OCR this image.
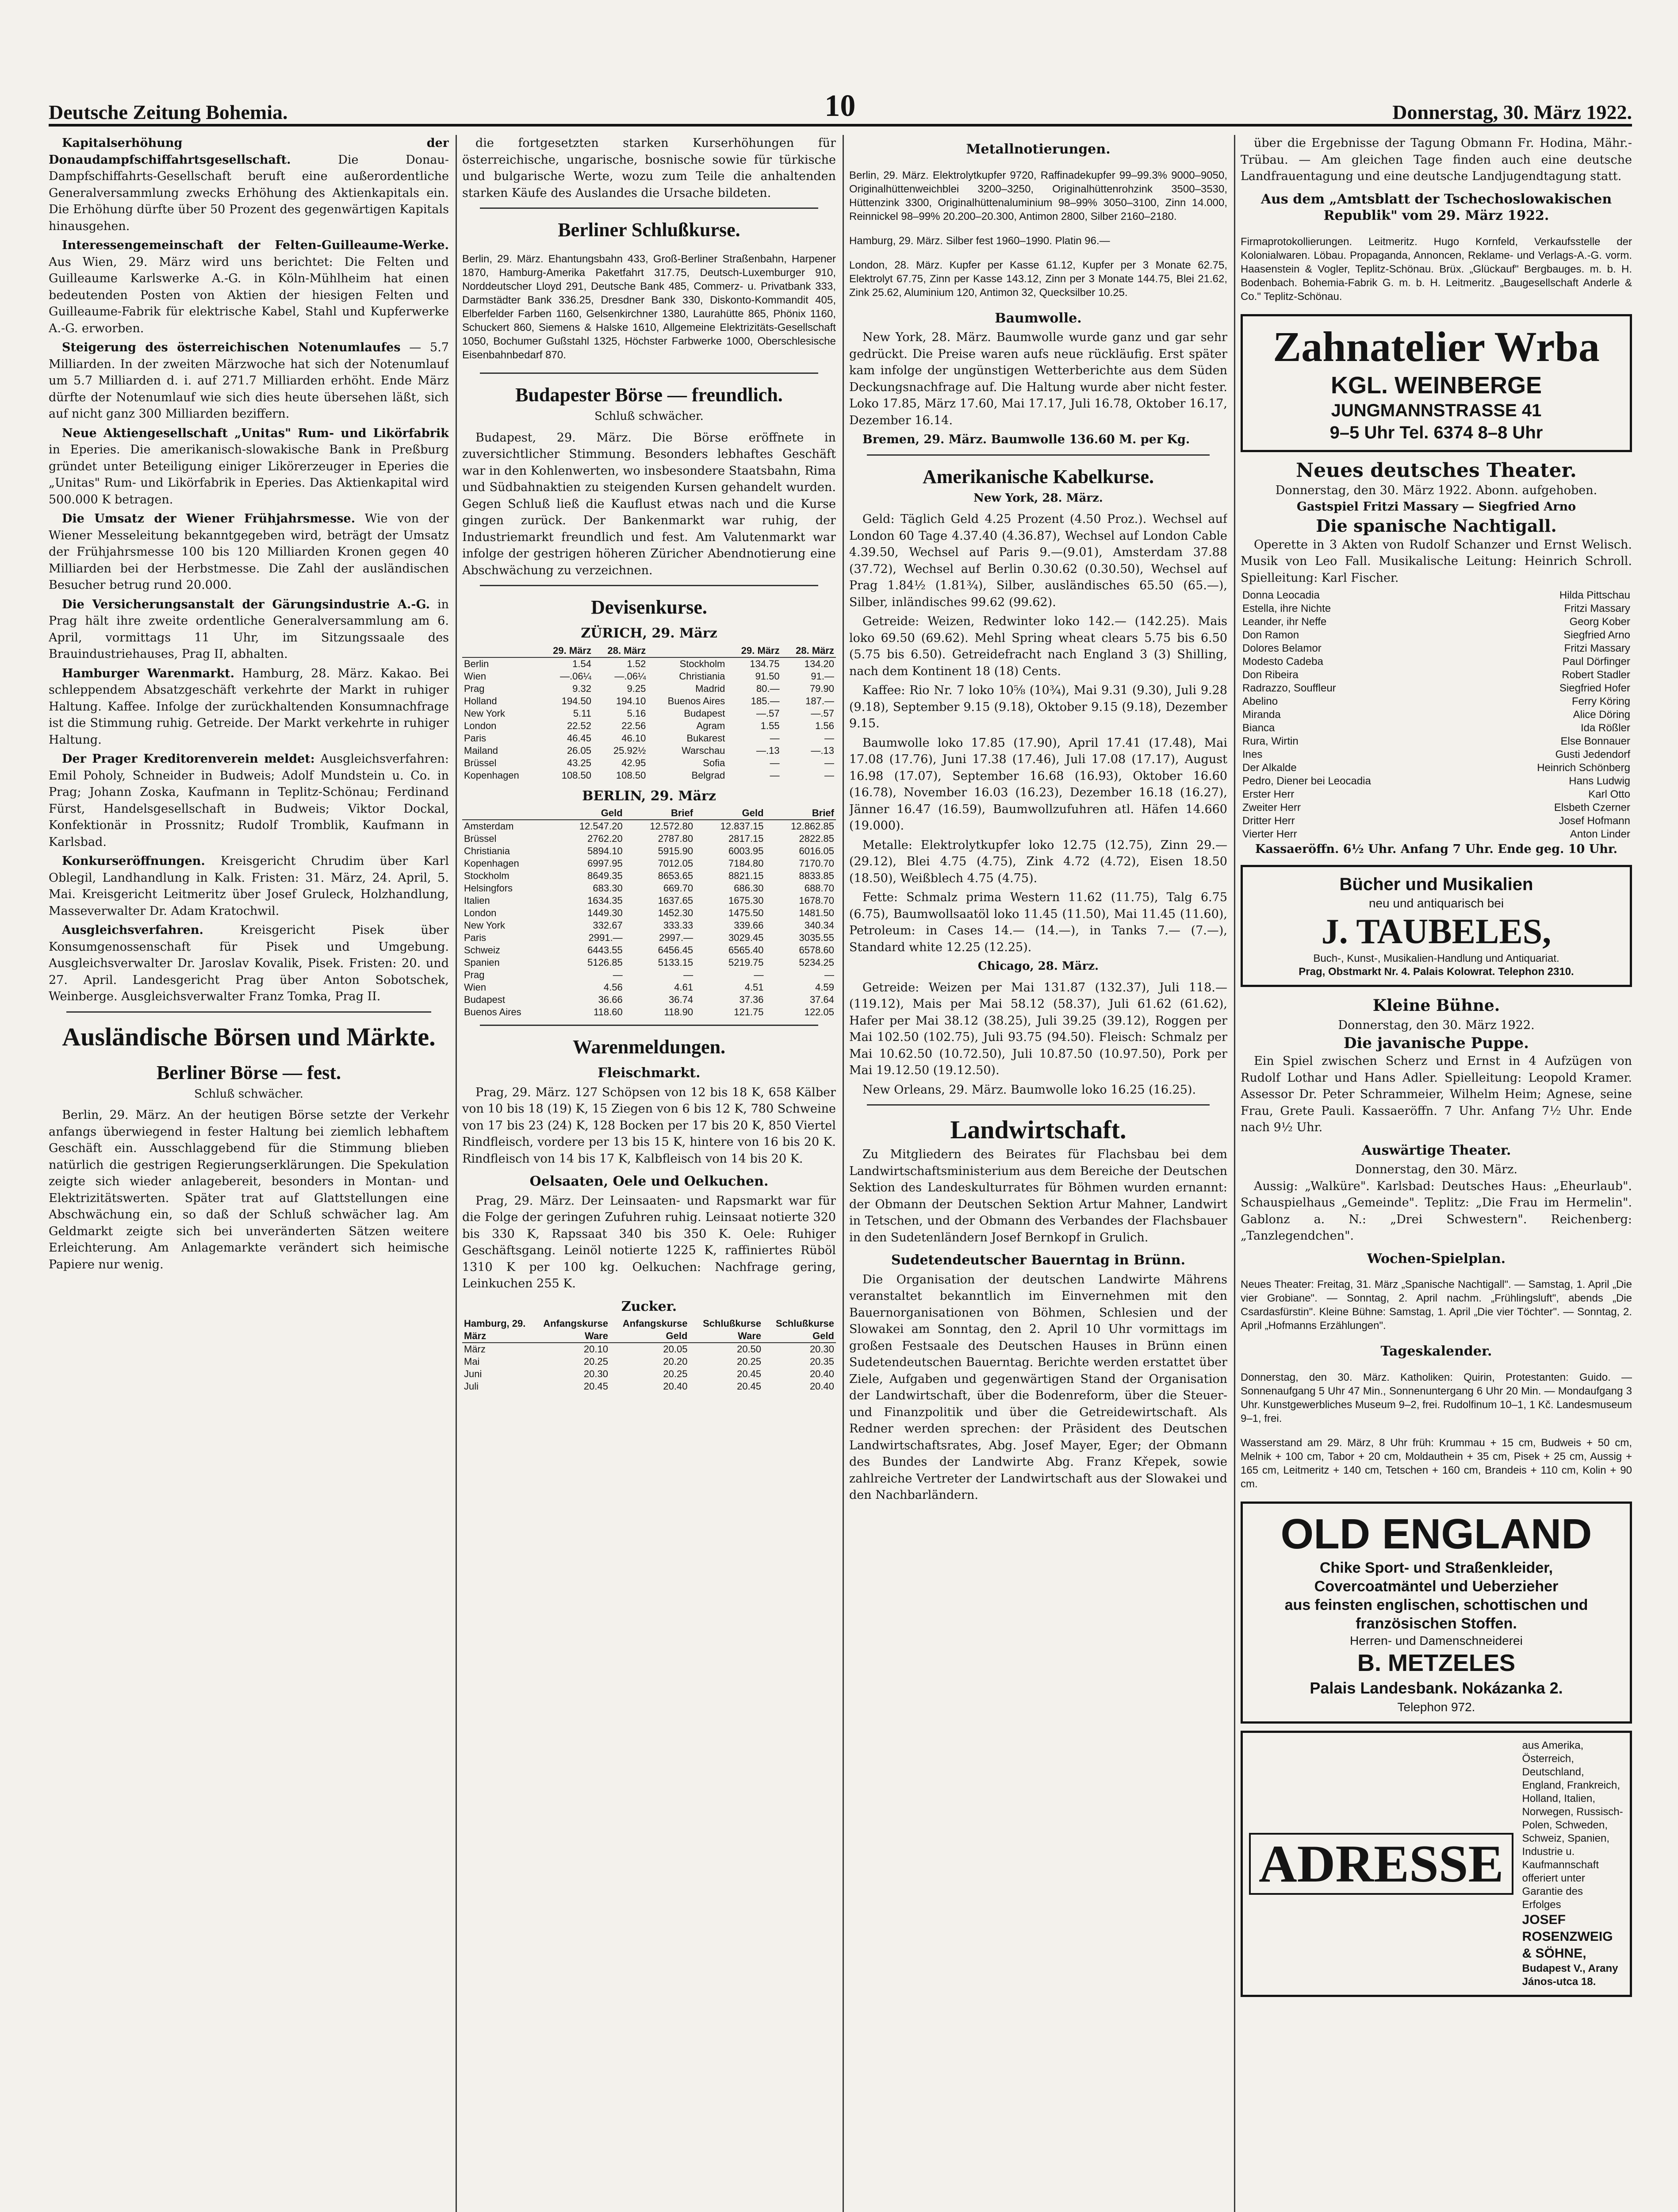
Deutsche Zeitung Bohemia.	10	Donnerstag, 30. März 1922.

Kapitalserhöhung der Donaudampfschiffahrtsgesellschaft.	Die Donau-Dampfschiffahrts-Gesellschaft beruft eine außerordentliche Generalversammlung zwecks Erhöhung des Aktienkapitals ein. Die Erhöhung dürfte über 50 Prozent des gegenwärtigen Kapitals hinausgehen.

Interessengemeinschaft der Felten-Guilleaume-Werke. Aus Wien, 29. März wird uns berichtet: Die Felten und Guilleaume Karlswerke A.-G. in Köln-Mühlheim hat einen bedeutenden Posten von Aktien der hiesigen Felten und Guilleaume-Fabrik für elektrische Kabel, Stahl und Kupferwerke A.-G. erworben.

Steigerung des österreichischen Notenumlaufes — 5.7 Milliarden. In der zweiten Märzwoche hat sich der Notenumlauf um 5.7 Milliarden d. i. auf 271.7 Milliarden erhöht. Ende März dürfte der Notenumlauf wie sich dies heute übersehen läßt, sich auf nicht ganz 300 Milliarden beziffern.

Neue Aktiengesellschaft „Unitas" Rum- und Likörfabrik in Eperies. Die amerikanisch-slowakische Bank in Preßburg gründet unter Beteiligung einiger Likörerzeuger in Eperies die „Unitas" Rum- und Likörfabrik in Eperies. Das Aktienkapital wird 500.000 K betragen.

Die Umsatz der Wiener Frühjahrsmesse. Wie von der Wiener Messeleitung bekanntgegeben wird, beträgt der Umsatz der Frühjahrsmesse 100 bis 120 Milliarden Kronen gegen 40 Milliarden bei der Herbstmesse. Die Zahl der ausländischen Besucher betrug rund 20.000.

Die Versicherungsanstalt der Gärungsindustrie A.-G. in Prag hält ihre zweite ordentliche Generalversammlung am 6. April, vormittags 11 Uhr, im Sitzungssaale des Brauindustriehauses, Prag II, abhalten.

Hamburger Warenmarkt. Hamburg, 28. März. Kakao. Bei schleppendem Absatzgeschäft verkehrte der Markt in ruhiger Haltung. Kaffee. Infolge der zurückhaltenden Konsumnachfrage ist die Stimmung ruhig. Getreide. Der Markt verkehrte in ruhiger Haltung.

Der Prager Kreditorenverein meldet: Ausgleichsverfahren: Emil Poholy, Schneider in Budweis; Adolf Mundstein u. Co. in Prag; Johann Zoska, Kaufmann in Teplitz-Schönau; Ferdinand Fürst, Handelsgesellschaft in Budweis; Viktor Dockal, Konfektionär in Prossnitz; Rudolf Tromblik, Kaufmann in Karlsbad.

Konkurseröffnungen. Kreisgericht Chrudim über Karl Oblegil, Landhandlung in Kalk. Fristen: 31. März, 24. April, 5. Mai. Kreisgericht Leitmeritz über Josef Gruleck, Holzhandlung, Masseverwalter Dr. Adam Kratochwil.

Ausgleichsverfahren.	Kreisgericht Pisek über Konsumgenossenschaft für Pisek und Umgebung. Ausgleichsverwalter Dr. Jaroslav Kovalik, Pisek. Fristen: 20. und 27. April. Landesgericht Prag über Anton Sobotschek, Weinberge. Ausgleichsverwalter Franz Tomka, Prag II.

Ausländische Börsen und Märkte.
Berliner Börse — fest.
Schluß schwächer.

Berlin, 29. März. An der heutigen Börse setzte der Verkehr anfangs überwiegend in fester Haltung bei ziemlich lebhaftem Geschäft ein. Ausschlaggebend für die Stimmung blieben natürlich die gestrigen Regierungserklärungen. Die Spekulation zeigte sich wieder anlagebereit, besonders in Montan- und Elektrizitätswerten. Später trat auf Glattstellungen eine Abschwächung ein, so daß der Schluß schwächer lag. Am Geldmarkt zeigte sich bei unveränderten Sätzen weitere Erleichterung. Am Anlagemarkte verändert sich heimische Papiere nur wenig.

die fortgesetzten starken Kurserhöhungen für österreichische, ungarische, bosnische sowie für türkische und bulgarische Werte, wozu zum Teile die anhaltenden starken Käufe des Auslandes die Ursache bildeten.

Berliner Schlußkurse.

Berlin, 29. März. Ehantungsbahn 433, Groß-Berliner Straßenbahn, Harpener 1870, Hamburg-Amerika Paketfahrt 317.75, Deutsch-Luxemburger 910, Norddeutscher Lloyd 291, Deutsche Bank 485, Commerz- u. Privatbank 333, Darmstädter Bank 336.25, Dresdner Bank 330, Diskonto-Kommandit 405, Elberfelder Farben 1160, Gelsenkirchner 1380, Laurahütte 865, Phönix 1160, Schuckert 860, Siemens & Halske 1610, Allgemeine Elektrizitäts-Gesellschaft 1050, Bochumer Gußstahl 1325, Höchster Farbwerke 1000, Oberschlesische Eisenbahnbedarf 870.

Budapester Börse — freundlich.
Schluß schwächer.

Budapest, 29. März. Die Börse eröffnete in zuversichtlicher Stimmung. Besonders lebhaftes Geschäft war in den Kohlenwerten, wo insbesondere Staatsbahn, Rima und Südbahnaktien zu steigenden Kursen gehandelt wurden. Gegen Schluß ließ die Kauflust etwas nach und die Kurse gingen zurück. Der Bankenmarkt war ruhig, der Industriemarkt freundlich und fest. Am Valutenmarkt war infolge der gestrigen höheren Züricher Abendnotierung eine Abschwächung zu verzeichnen.

Devisenkurse.
ZÜRICH, 29. März
	29. März	28. März		29. März	28. März
Berlin	1.54	1.52	Stockholm	134.75	134.20
Wien	—.06¼	—.06¼	Christiania	91.50	91.—
Prag	9.32	9.25	Madrid	80.—	79.90
Holland	194.50	194.10	Buenos Aires	185.—	187.—
New York	5.11	5.16	Budapest	—.57	—.57
London	22.52	22.56	Agram	1.55	1.56
Paris	46.45	46.10	Bukarest	—	—
Mailand	26.05	25.92½	Warschau	—.13	—.13
Brüssel	43.25	42.95	Sofia	—	—
Kopenhagen	108.50	108.50	Belgrad	—	—
BERLIN, 29. März
	Geld	Brief	Geld	Brief
Amsterdam	12.547.20	12.572.80	12.837.15	12.862.85
Brüssel	2762.20	2787.80	2817.15	2822.85
Christiania	5894.10	5915.90	6003.95	6016.05
Kopenhagen	6997.95	7012.05	7184.80	7170.70
Stockholm	8649.35	8653.65	8821.15	8833.85
Helsingfors	683.30	669.70	686.30	688.70
Italien	1634.35	1637.65	1675.30	1678.70
London	1449.30	1452.30	1475.50	1481.50
New York	332.67	333.33	339.66	340.34
Paris	2991.—	2997.—	3029.45	3035.55
Schweiz	6443.55	6456.45	6565.40	6578.60
Spanien	5126.85	5133.15	5219.75	5234.25
Prag	—	—	—	—
Wien	4.56	4.61	4.51	4.59
Budapest	36.66	36.74	37.36	37.64
Buenos Aires	118.60	118.90	121.75	122.05
Warenmeldungen.
Fleischmarkt.

Prag, 29. März. 127 Schöpsen von 12 bis 18 K, 658 Kälber von 10 bis 18 (19) K, 15 Ziegen von 6 bis 12 K, 780 Schweine von 17 bis 23 (24) K, 128 Bocken per 17 bis 20 K, 850 Viertel Rindfleisch, vordere per 13 bis 15 K, hintere von 16 bis 20 K. Rindfleisch von 14 bis 17 K, Kalbfleisch von 14 bis 20 K.

Oelsaaten, Oele und Oelkuchen.

Prag, 29. März. Der Leinsaaten- und Rapsmarkt war für die Folge der geringen Zufuhren ruhig. Leinsaat notierte 320 bis 330 K, Rapssaat 340 bis 350 K. Oele: Ruhiger Geschäftsgang. Leinöl notierte 1225 K, raffiniertes Rüböl 1310 K per 100 kg. Oelkuchen: Nachfrage gering, Leinkuchen 255 K.

Zucker.
Hamburg, 29. März	Anfangskurse Ware	Anfangskurse Geld	Schlußkurse Ware	Schlußkurse Geld
März	20.10	20.05	20.50	20.30
Mai	20.25	20.20	20.25	20.35
Juni	20.30	20.25	20.45	20.40
Juli	20.45	20.40	20.45	20.40
Metallnotierungen.

Berlin, 29. März. Elektrolytkupfer 9720, Raffinadekupfer 99–99.3% 9000–9050, Originalhüttenweichblei 3200–3250, Originalhüttenrohzink 3500–3530, Hüttenzink 3300, Originalhüttenaluminium 98–99% 3050–3100, Zinn 14.000, Reinnickel 98–99% 20.200–20.300, Antimon 2800, Silber 2160–2180.

Hamburg, 29. März. Silber fest 1960–1990. Platin 96.—

London, 28. März. Kupfer per Kasse 61.12, Kupfer per 3 Monate 62.75, Elektrolyt 67.75, Zinn per Kasse 143.12, Zinn per 3 Monate 144.75, Blei 21.62, Zink 25.62, Aluminium 120, Antimon 32, Quecksilber 10.25.

Baumwolle.

New York, 28. März. Baumwolle wurde ganz und gar sehr gedrückt. Die Preise waren aufs neue rückläufig. Erst später kam infolge der ungünstigen Wetterberichte aus dem Süden Deckungsnachfrage auf. Die Haltung wurde aber nicht fester. Loko 17.85, März 17.60, Mai 17.17, Juli 16.78, Oktober 16.17, Dezember 16.14.

Bremen, 29. März. Baumwolle 136.60 M. per Kg.

Amerikanische Kabelkurse.
New York, 28. März.

Geld: Täglich Geld 4.25 Prozent (4.50 Proz.). Wechsel auf London 60 Tage 4.37.40 (4.36.87), Wechsel auf London Cable 4.39.50, Wechsel auf Paris 9.—(9.01), Amsterdam 37.88 (37.72), Wechsel auf Berlin 0.30.62 (0.30.50), Wechsel auf Prag 1.84½ (1.81¾), Silber, ausländisches 65.50 (65.—), Silber, inländisches 99.62 (99.62).

Getreide: Weizen, Redwinter loko 142.— (142.25). Mais loko 69.50 (69.62). Mehl Spring wheat clears 5.75 bis 6.50 (5.75 bis 6.50). Getreidefracht nach England 3 (3) Shilling, nach dem Kontinent 18 (18) Cents.

Kaffee: Rio Nr. 7 loko 10⅝ (10¾), Mai 9.31 (9.30), Juli 9.28 (9.18), September 9.15 (9.18), Oktober 9.15 (9.18), Dezember 9.15.

Baumwolle loko 17.85 (17.90), April 17.41 (17.48), Mai 17.08 (17.76), Juni 17.38 (17.46), Juli 17.08 (17.17), August 16.98 (17.07), September 16.68 (16.93), Oktober 16.60 (16.78), November 16.03 (16.23), Dezember 16.18 (16.27), Jänner 16.47 (16.59), Baumwollzufuhren atl. Häfen 14.660 (19.000).

Metalle: Elektrolytkupfer loko 12.75 (12.75), Zinn 29.— (29.12), Blei 4.75 (4.75), Zink 4.72 (4.72), Eisen 18.50 (18.50), Weißblech 4.75 (4.75).

Fette: Schmalz prima Western 11.62 (11.75), Talg 6.75 (6.75), Baumwollsaatöl loko 11.45 (11.50), Mai 11.45 (11.60), Petroleum: in Cases 14.— (14.—), in Tanks 7.— (7.—), Standard white 12.25 (12.25).

Chicago, 28. März.

Getreide: Weizen per Mai 131.87 (132.37), Juli 118.— (119.12), Mais per Mai 58.12 (58.37), Juli 61.62 (61.62), Hafer per Mai 38.12 (38.25), Juli 39.25 (39.12), Roggen per Mai 102.50 (102.75), Juli 93.75 (94.50). Fleisch: Schmalz per Mai 10.62.50 (10.72.50), Juli 10.87.50 (10.97.50), Pork per Mai 19.12.50 (19.12.50).

New Orleans, 29. März. Baumwolle loko 16.25 (16.25).

Landwirtschaft.

Zu Mitgliedern des Beirates für Flachsbau bei dem Landwirtschaftsministerium aus dem Bereiche der Deutschen Sektion des Landeskulturrates für Böhmen wurden ernannt: der Obmann der Deutschen Sektion Artur Mahner, Landwirt in Tetschen, und der Obmann des Verbandes der Flachsbauer in den Sudetenländern Josef Bernkopf in Grulich.

Sudetendeutscher Bauerntag in Brünn.

Die Organisation der deutschen Landwirte Mährens veranstaltet bekanntlich im Einvernehmen mit den Bauernorganisationen von Böhmen, Schlesien und der Slowakei am Sonntag, den 2. April 10 Uhr vormittags im großen Festsaale des Deutschen Hauses in Brünn einen Sudetendeutschen Bauerntag. Berichte werden erstattet über Ziele, Aufgaben und gegenwärtigen Stand der Organisation der Landwirtschaft, über die Bodenreform, über die Steuer- und Finanzpolitik und über die Getreidewirtschaft. Als Redner werden sprechen: der Präsident des Deutschen Landwirtschaftsrates, Abg. Josef Mayer, Eger; der Obmann des Bundes der Landwirte Abg. Franz Křepek, sowie zahlreiche Vertreter der Landwirtschaft aus der Slowakei und den Nachbarländern.

über die Ergebnisse der Tagung Obmann Fr. Hodina, Mähr.-Trübau. — Am gleichen Tage finden auch eine deutsche Landfrauentagung und eine deutsche Landjugendtagung statt.

Aus dem „Amtsblatt der Tschechoslowakischen Republik" vom 29. März 1922.

Firmaprotokollierungen. Leitmeritz. Hugo Kornfeld, Verkaufsstelle der Kolonialwaren. Löbau. Propaganda, Annoncen, Reklame- und Verlags-A.-G. vorm. Haasenstein & Vogler, Teplitz-Schönau. Brüx. „Glückauf" Bergbauges. m. b. H. Bodenbach. Bohemia-Fabrik G. m. b. H. Leitmeritz. „Baugesellschaft Anderle & Co." Teplitz-Schönau.

Zahnatelier Wrba
KGL. WEINBERGE
JUNGMANNSTRASSE 41
9–5 Uhr Tel. 6374 8–8 Uhr
Neues deutsches Theater.
Donnerstag, den 30. März 1922. Abonn. aufgehoben.
Gastspiel Fritzi Massary — Siegfried Arno
Die spanische Nachtigall.

Operette in 3 Akten von Rudolf Schanzer und Ernst Welisch. Musik von Leo Fall. Musikalische Leitung: Heinrich Schroll. Spielleitung: Karl Fischer.

Donna Leocadia	Hilda Pittschau
Estella, ihre Nichte	Fritzi Massary
Leander, ihr Neffe	Georg Kober
Don Ramon	Siegfried Arno
Dolores Belamor	Fritzi Massary
Modesto Cadeba	Paul Dörfinger
Don Ribeira	Robert Stadler
Radrazzo, Souffleur	Siegfried Hofer
Abelino	Ferry Köring
Miranda	Alice Döring
Bianca	Ida Rößler
Rura, Wirtin	Else Bonnauer
Ines	Gusti Jedendorf
Der Alkalde	Heinrich Schönberg
Pedro, Diener bei Leocadia	Hans Ludwig
Erster Herr	Karl Otto
Zweiter Herr	Elsbeth Czerner
Dritter Herr	Josef Hofmann
Vierter Herr	Anton Linder
Kassaeröffn. 6½ Uhr. Anfang 7 Uhr. Ende geg. 10 Uhr.
Bücher und Musikalien
neu und antiquarisch bei
J. TAUBELES,
Buch-, Kunst-, Musikalien-Handlung und Antiquariat.
Prag, Obstmarkt Nr. 4. Palais Kolowrat. Telephon 2310.
Kleine Bühne.
Donnerstag, den 30. März 1922.
Die javanische Puppe.

Ein Spiel zwischen Scherz und Ernst in 4 Aufzügen von Rudolf Lothar und Hans Adler. Spielleitung: Leopold Kramer. Assessor Dr. Peter Schrammeier, Wilhelm Heim; Agnese, seine Frau, Grete Pauli. Kassaeröffn. 7 Uhr. Anfang 7½ Uhr. Ende nach 9½ Uhr.

Auswärtige Theater.
Donnerstag, den 30. März.

Aussig: „Walküre". Karlsbad: Deutsches Haus: „Eheurlaub". Schauspielhaus „Gemeinde". Teplitz: „Die Frau im Hermelin". Gablonz a. N.: „Drei Schwestern". Reichenberg: „Tanzlegendchen".

Wochen-Spielplan.

Neues Theater: Freitag, 31. März „Spanische Nachtigall". — Samstag, 1. April „Die vier Grobiane". — Sonntag, 2. April nachm. „Frühlingsluft", abends „Die Csardasfürstin". Kleine Bühne: Samstag, 1. April „Die vier Töchter". — Sonntag, 2. April „Hofmanns Erzählungen".

Tageskalender.

Donnerstag, den 30. März. Katholiken: Quirin, Protestanten: Guido. — Sonnenaufgang 5 Uhr 47 Min., Sonnenuntergang 6 Uhr 20 Min. — Mondaufgang 3 Uhr. Kunstgewerbliches Museum 9–2, frei. Rudolfinum 10–1, 1 Kč. Landesmuseum 9–1, frei.

Wasserstand am 29. März, 8 Uhr früh: Krummau + 15 cm, Budweis + 50 cm, Melnik + 100 cm, Tabor + 20 cm, Moldauthein + 35 cm, Pisek + 25 cm, Aussig + 165 cm, Leitmeritz + 140 cm, Tetschen + 160 cm, Brandeis + 110 cm, Kolin + 90 cm.

OLD ENGLAND
Chike Sport- und Straßenkleider,
Covercoatmäntel und Ueberzieher
aus feinsten englischen, schottischen und französischen Stoffen.
Herren- und Damenschneiderei
B. METZELES
Palais Landesbank. Nokázanka 2.
Telephon 972.
ADRESSE
aus Amerika, Österreich, Deutschland, England, Frankreich, Holland, Italien, Norwegen, Russisch-Polen, Schweden, Schweiz, Spanien, Industrie u. Kaufmannschaft offeriert unter Garantie des Erfolges
JOSEF ROSENZWEIG & SÖHNE,
Budapest V., Arany János-utca 18.
